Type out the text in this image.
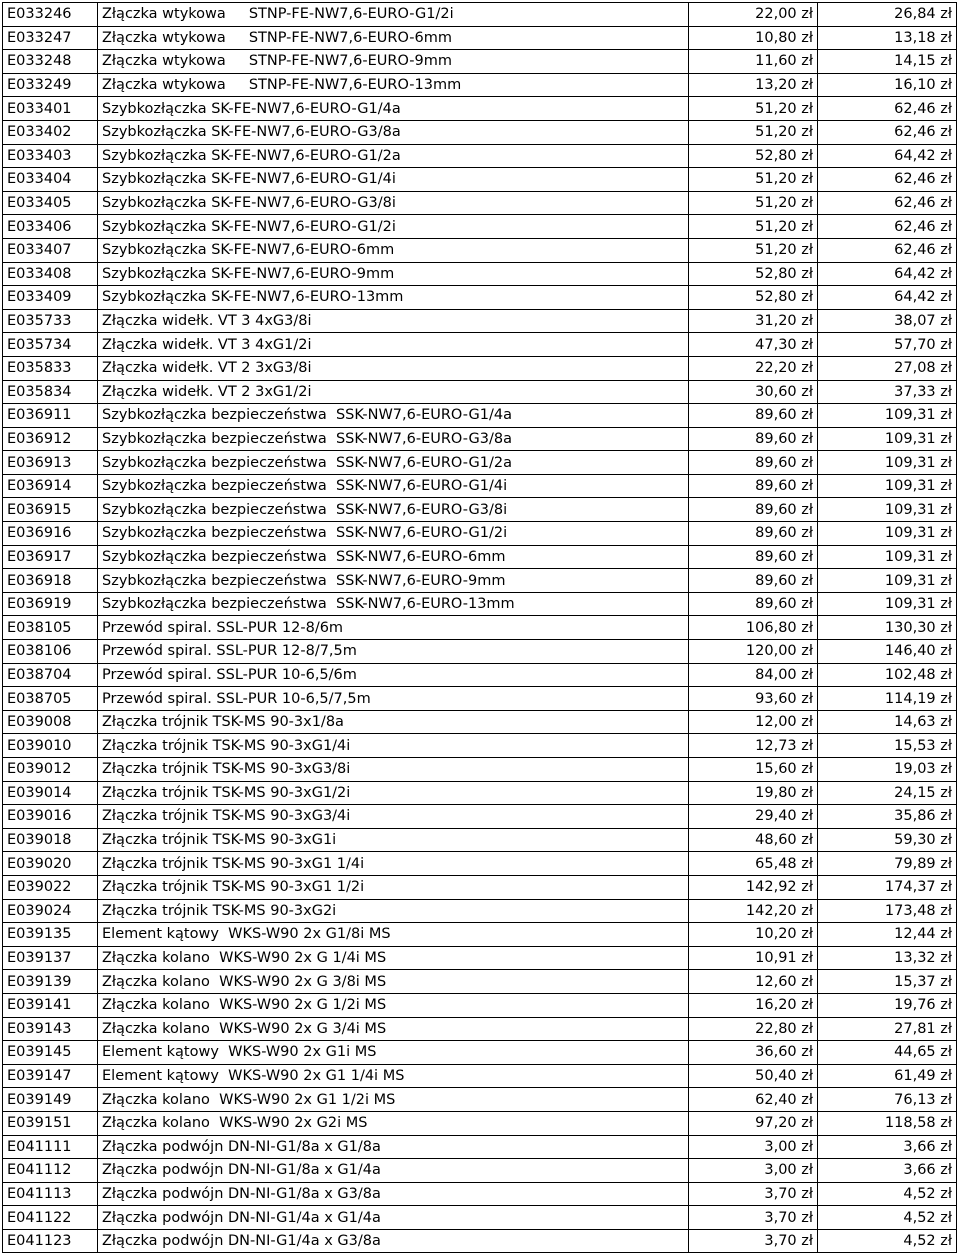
E033246	Złączka wtykowa     STNP-FE-NW7,6-EURO-G1/2i	22,00 zł	26,84 zł
E033247	Złączka wtykowa     STNP-FE-NW7,6-EURO-6mm	10,80 zł	13,18 zł
E033248	Złączka wtykowa     STNP-FE-NW7,6-EURO-9mm	11,60 zł	14,15 zł
E033249	Złączka wtykowa     STNP-FE-NW7,6-EURO-13mm	13,20 zł	16,10 zł
E033401	Szybkozłączka SK-FE-NW7,6-EURO-G1/4a	51,20 zł	62,46 zł
E033402	Szybkozłączka SK-FE-NW7,6-EURO-G3/8a	51,20 zł	62,46 zł
E033403	Szybkozłączka SK-FE-NW7,6-EURO-G1/2a	52,80 zł	64,42 zł
E033404	Szybkozłączka SK-FE-NW7,6-EURO-G1/4i	51,20 zł	62,46 zł
E033405	Szybkozłączka SK-FE-NW7,6-EURO-G3/8i	51,20 zł	62,46 zł
E033406	Szybkozłączka SK-FE-NW7,6-EURO-G1/2i	51,20 zł	62,46 zł
E033407	Szybkozłączka SK-FE-NW7,6-EURO-6mm	51,20 zł	62,46 zł
E033408	Szybkozłączka SK-FE-NW7,6-EURO-9mm	52,80 zł	64,42 zł
E033409	Szybkozłączka SK-FE-NW7,6-EURO-13mm	52,80 zł	64,42 zł
E035733	Złączka widełk. VT 3 4xG3/8i	31,20 zł	38,07 zł
E035734	Złączka widełk. VT 3 4xG1/2i	47,30 zł	57,70 zł
E035833	Złączka widełk. VT 2 3xG3/8i	22,20 zł	27,08 zł
E035834	Złączka widełk. VT 2 3xG1/2i	30,60 zł	37,33 zł
E036911	Szybkozłączka bezpieczeństwa  SSK-NW7,6-EURO-G1/4a	89,60 zł	109,31 zł
E036912	Szybkozłączka bezpieczeństwa  SSK-NW7,6-EURO-G3/8a	89,60 zł	109,31 zł
E036913	Szybkozłączka bezpieczeństwa  SSK-NW7,6-EURO-G1/2a	89,60 zł	109,31 zł
E036914	Szybkozłączka bezpieczeństwa  SSK-NW7,6-EURO-G1/4i	89,60 zł	109,31 zł
E036915	Szybkozłączka bezpieczeństwa  SSK-NW7,6-EURO-G3/8i	89,60 zł	109,31 zł
E036916	Szybkozłączka bezpieczeństwa  SSK-NW7,6-EURO-G1/2i	89,60 zł	109,31 zł
E036917	Szybkozłączka bezpieczeństwa  SSK-NW7,6-EURO-6mm	89,60 zł	109,31 zł
E036918	Szybkozłączka bezpieczeństwa  SSK-NW7,6-EURO-9mm	89,60 zł	109,31 zł
E036919	Szybkozłączka bezpieczeństwa  SSK-NW7,6-EURO-13mm	89,60 zł	109,31 zł
E038105	Przewód spiral. SSL-PUR 12-8/6m	106,80 zł	130,30 zł
E038106	Przewód spiral. SSL-PUR 12-8/7,5m	120,00 zł	146,40 zł
E038704	Przewód spiral. SSL-PUR 10-6,5/6m	84,00 zł	102,48 zł
E038705	Przewód spiral. SSL-PUR 10-6,5/7,5m	93,60 zł	114,19 zł
E039008	Złączka trójnik TSK-MS 90-3x1/8a	12,00 zł	14,63 zł
E039010	Złączka trójnik TSK-MS 90-3xG1/4i	12,73 zł	15,53 zł
E039012	Złączka trójnik TSK-MS 90-3xG3/8i	15,60 zł	19,03 zł
E039014	Złączka trójnik TSK-MS 90-3xG1/2i	19,80 zł	24,15 zł
E039016	Złączka trójnik TSK-MS 90-3xG3/4i	29,40 zł	35,86 zł
E039018	Złączka trójnik TSK-MS 90-3xG1i	48,60 zł	59,30 zł
E039020	Złączka trójnik TSK-MS 90-3xG1 1/4i	65,48 zł	79,89 zł
E039022	Złączka trójnik TSK-MS 90-3xG1 1/2i	142,92 zł	174,37 zł
E039024	Złączka trójnik TSK-MS 90-3xG2i	142,20 zł	173,48 zł
E039135	Element kątowy  WKS-W90 2x G1/8i MS	10,20 zł	12,44 zł
E039137	Złączka kolano  WKS-W90 2x G 1/4i MS	10,91 zł	13,32 zł
E039139	Złączka kolano  WKS-W90 2x G 3/8i MS	12,60 zł	15,37 zł
E039141	Złączka kolano  WKS-W90 2x G 1/2i MS	16,20 zł	19,76 zł
E039143	Złączka kolano  WKS-W90 2x G 3/4i MS	22,80 zł	27,81 zł
E039145	Element kątowy  WKS-W90 2x G1i MS	36,60 zł	44,65 zł
E039147	Element kątowy  WKS-W90 2x G1 1/4i MS	50,40 zł	61,49 zł
E039149	Złączka kolano  WKS-W90 2x G1 1/2i MS	62,40 zł	76,13 zł
E039151	Złączka kolano  WKS-W90 2x G2i MS	97,20 zł	118,58 zł
E041111	Złączka podwójn DN-NI-G1/8a x G1/8a	3,00 zł	3,66 zł
E041112	Złączka podwójn DN-NI-G1/8a x G1/4a	3,00 zł	3,66 zł
E041113	Złączka podwójn DN-NI-G1/8a x G3/8a	3,70 zł	4,52 zł
E041122	Złączka podwójn DN-NI-G1/4a x G1/4a	3,70 zł	4,52 zł
E041123	Złączka podwójn DN-NI-G1/4a x G3/8a	3,70 zł	4,52 zł
